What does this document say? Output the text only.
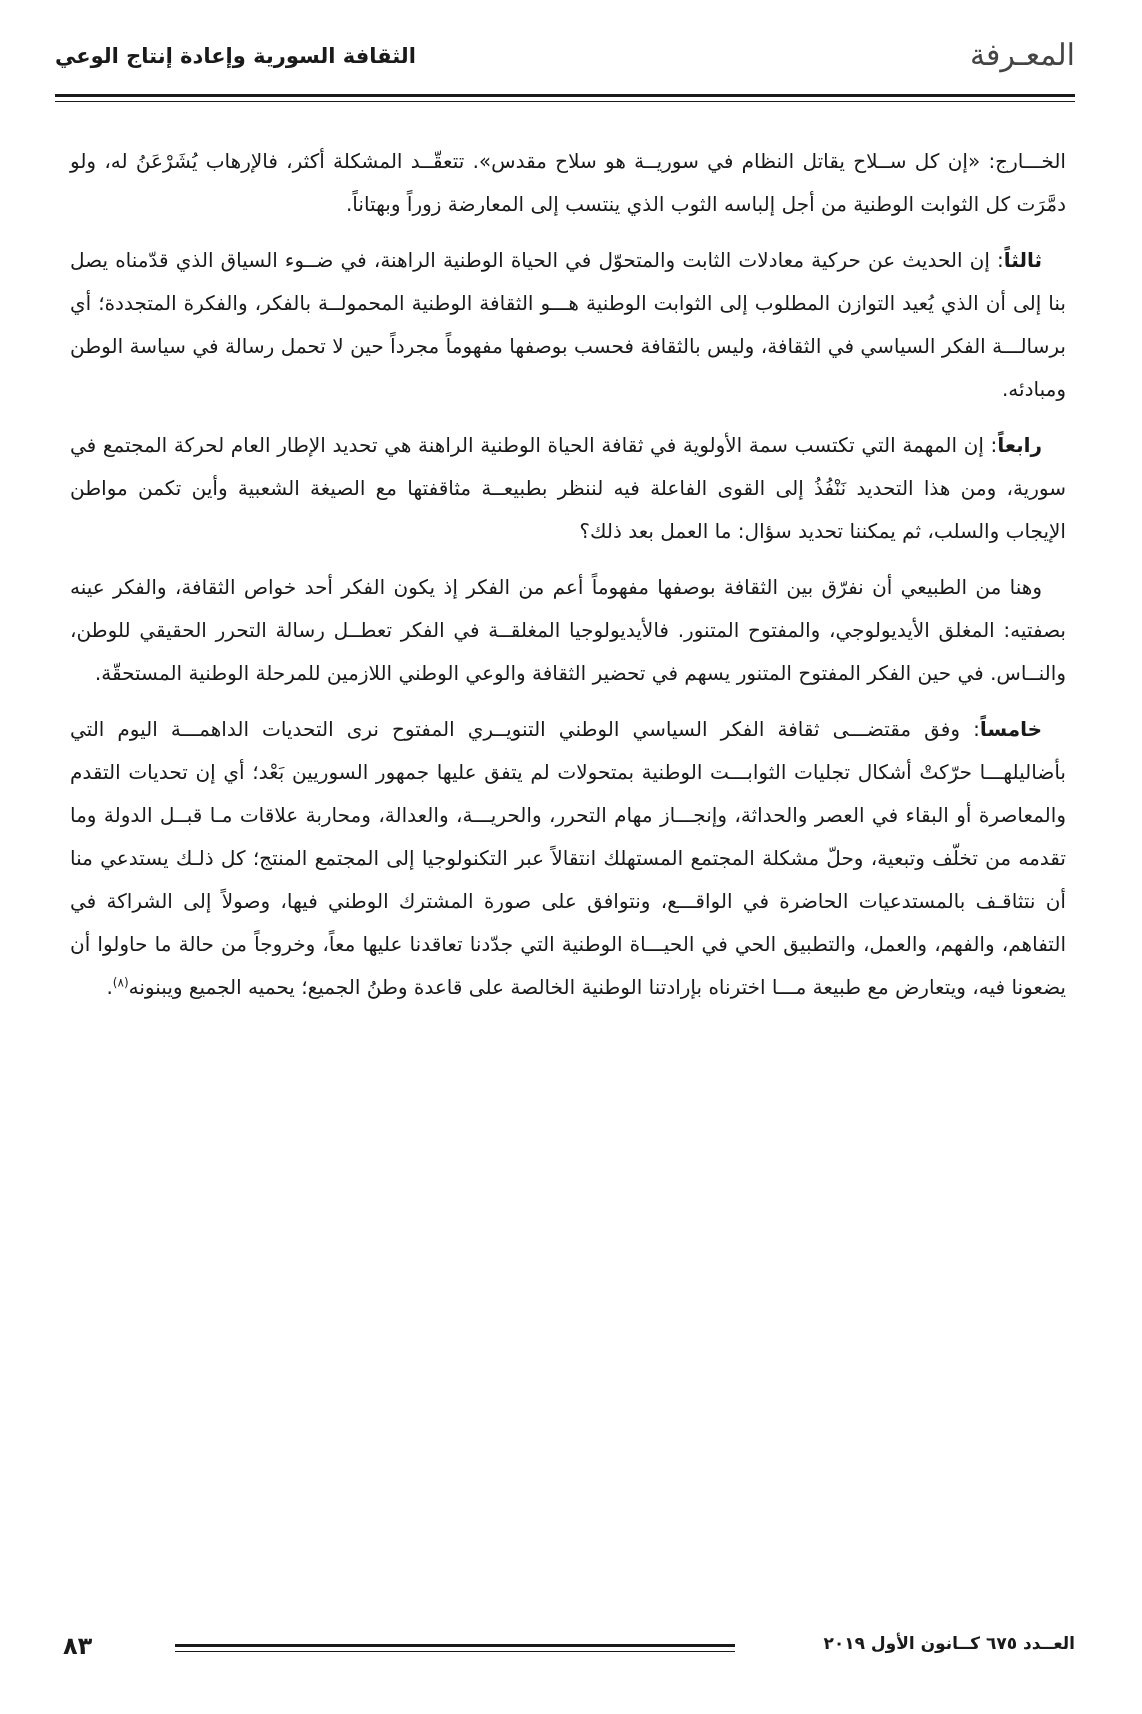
الثقافة السورية وإعادة إنتاج الوعي	المعـرفة

الخـــارج: «إن كل ســلاح يقاتل النظام في سوريــة هو سلاح مقدس». تتعقّــد المشكلة أكثر، فالإرهاب يُشَرْعَنُ له، ولو دمَّرَت كل الثوابت الوطنية من أجل إلباسه الثوب الذي ينتسب إلى المعارضة زوراً وبهتاناً.

ثالثاً: إن الحديث عن حركية معادلات الثابت والمتحوّل في الحياة الوطنية الراهنة، في ضــوء السياق الذي قدّمناه يصل بنا إلى أن الذي يُعيد التوازن المطلوب إلى الثوابت الوطنية هـــو الثقافة الوطنية المحمولــة بالفكر، والفكرة المتجددة؛ أي برسالـــة الفكر السياسي في الثقافة، وليس بالثقافة فحسب بوصفها مفهوماً مجرداً حين لا تحمل رسالة في سياسة الوطن ومبادئه.

رابعاً: إن المهمة التي تكتسب سمة الأولوية في ثقافة الحياة الوطنية الراهنة هي تحديد الإطار العام لحركة المجتمع في سورية، ومن هذا التحديد نَنْفُذُ إلى القوى الفاعلة فيه لننظر بطبيعــة مثاقفتها مع الصيغة الشعبية وأين تكمن مواطن الإيجاب والسلب، ثم يمكننا تحديد سؤال: ما العمل بعد ذلك؟

وهنا من الطبيعي أن نفرّق بين الثقافة بوصفها مفهوماً أعم من الفكر إذ يكون الفكر أحد خواص الثقافة، والفكر عينه بصفتيه: المغلق الأيديولوجي، والمفتوح المتنور. فالأيديولوجيا المغلقــة في الفكر تعطــل رسالة التحرر الحقيقي للوطن، والنــاس. في حين الفكر المفتوح المتنور يسهم في تحضير الثقافة والوعي الوطني اللازمين للمرحلة الوطنية المستحقّة.

خامساً: وفق مقتضـــى ثقافة الفكر السياسي الوطني التنويــري المفتوح نرى التحديات الداهمـــة اليوم التي بأضاليلهـــا حرّكتْ أشكال تجليات الثوابـــت الوطنية بمتحولات لم يتفق عليها جمهور السوريين بَعْد؛ أي إن تحديات التقدم والمعاصرة أو البقاء في العصر والحداثة، وإنجـــاز مهام التحرر، والحريـــة، والعدالة، ومحاربة علاقات مـا قبــل الدولة وما تقدمه من تخلّف وتبعية، وحلّ مشكلة المجتمع المستهلك انتقالاً عبر التكنولوجيا إلى المجتمع المنتج؛ كل ذلـك يستدعي منا أن نتثاقـف بالمستدعيات الحاضرة في الواقـــع، ونتوافق على صورة المشترك الوطني فيها، وصولاً إلى الشراكة في التفاهم، والفهم، والعمل، والتطبيق الحي في الحيـــاة الوطنية التي جدّدنا تعاقدنا عليها معاً، وخروجاً من حالة ما حاولوا أن يضعونا فيه، ويتعارض مع طبيعة مـــا اخترناه بإرادتنا الوطنية الخالصة على قاعدة وطنُ الجميع؛ يحميه الجميع ويبنونه$^{(٨)}$.

٨٣	العــدد ٦٧٥ كــانون الأول ٢٠١٩
